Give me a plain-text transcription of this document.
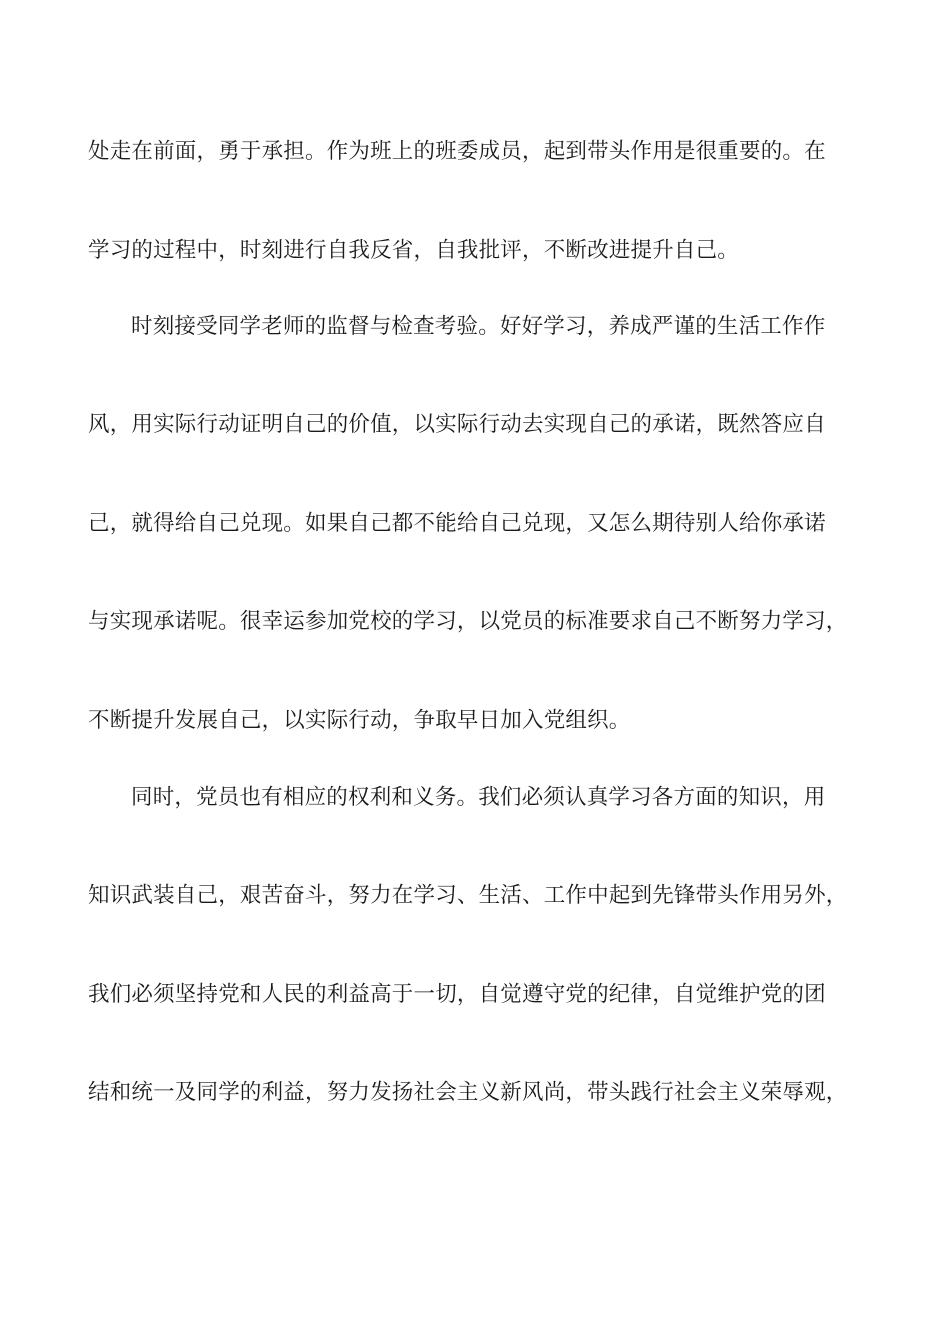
处走在前面，勇于承担。作为班上的班委成员，起到带头作用是很重要的。在

学习的过程中，时刻进行自我反省，自我批评，不断改进提升自己。

时刻接受同学老师的监督与检查考验。好好学习，养成严谨的生活工作作

风，用实际行动证明自己的价值，以实际行动去实现自己的承诺，既然答应自

己，就得给自己兑现。如果自己都不能给自己兑现，又怎么期待别人给你承诺

与实现承诺呢。很幸运参加党校的学习，以党员的标准要求自己不断努力学习，

不断提升发展自己，以实际行动，争取早日加入党组织。

同时，党员也有相应的权利和义务。我们必须认真学习各方面的知识，用

知识武装自己，艰苦奋斗，努力在学习、生活、工作中起到先锋带头作用另外，

我们必须坚持党和人民的利益高于一切，自觉遵守党的纪律，自觉维护党的团

结和统一及同学的利益，努力发扬社会主义新风尚，带头践行社会主义荣辱观，
